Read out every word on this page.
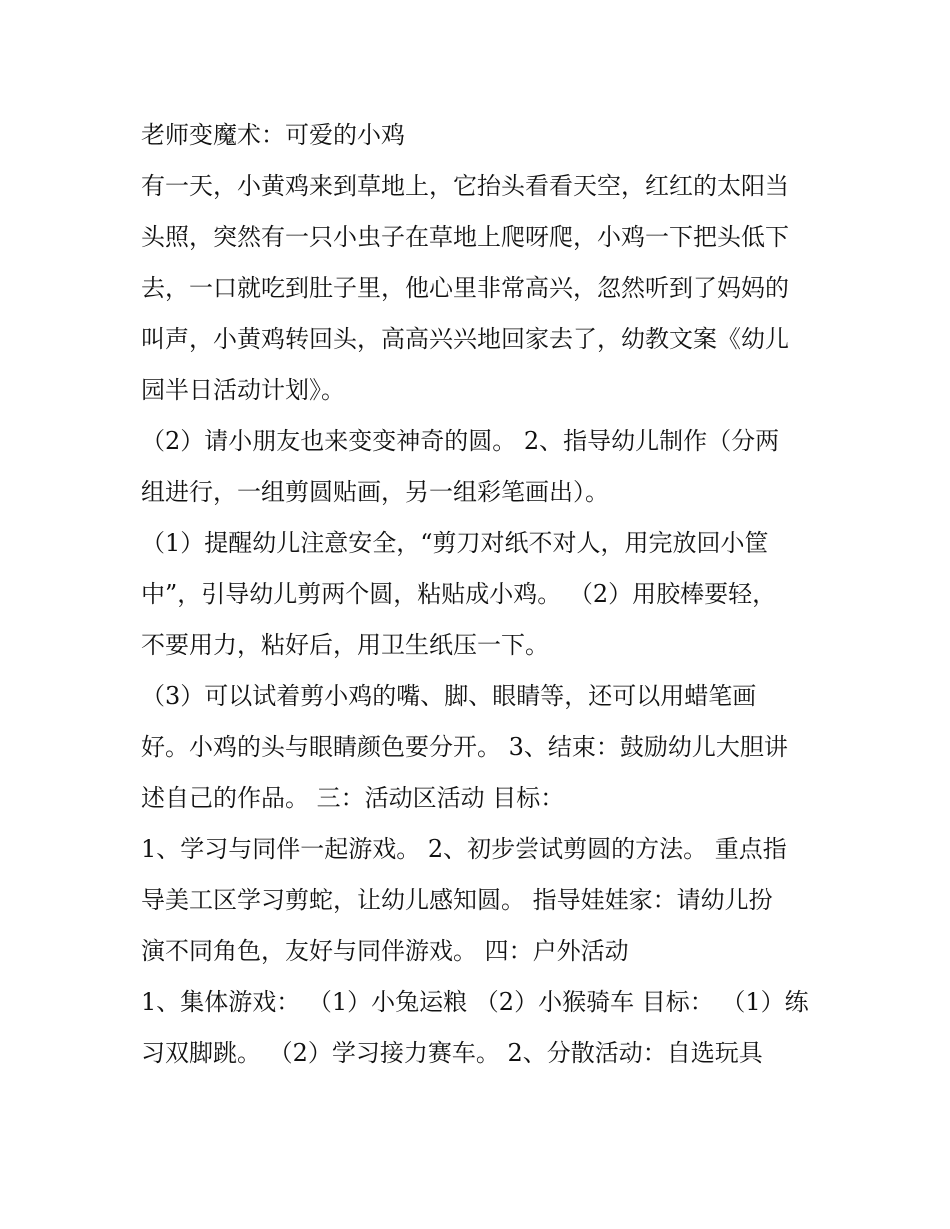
老师变魔术：可爱的小鸡
有一天，小黄鸡来到草地上，它抬头看看天空，红红的太阳当
头照，突然有一只小虫子在草地上爬呀爬，小鸡一下把头低下
去，一口就吃到肚子里，他心里非常高兴，忽然听到了妈妈的
叫声，小黄鸡转回头，高高兴兴地回家去了，幼教文案《幼儿
园半日活动计划》。
（2）请小朋友也来变变神奇的圆。 2、指导幼儿制作（分两
组进行，一组剪圆贴画，另一组彩笔画出）。
（1）提醒幼儿注意安全，“剪刀对纸不对人，用完放回小筐
中”，引导幼儿剪两个圆，粘贴成小鸡。 （2）用胶棒要轻，
不要用力，粘好后，用卫生纸压一下。
（3）可以试着剪小鸡的嘴、脚、眼睛等，还可以用蜡笔画
好。小鸡的头与眼睛颜色要分开。 3、结束：鼓励幼儿大胆讲
述自己的作品。 三：活动区活动 目标：
1、学习与同伴一起游戏。 2、初步尝试剪圆的方法。 重点指
导美工区学习剪蛇，让幼儿感知圆。 指导娃娃家：请幼儿扮
演不同角色，友好与同伴游戏。 四：户外活动
1、集体游戏： （1）小兔运粮 （2）小猴骑车 目标： （1）练
习双脚跳。 （2）学习接力赛车。 2、分散活动：自选玩具
